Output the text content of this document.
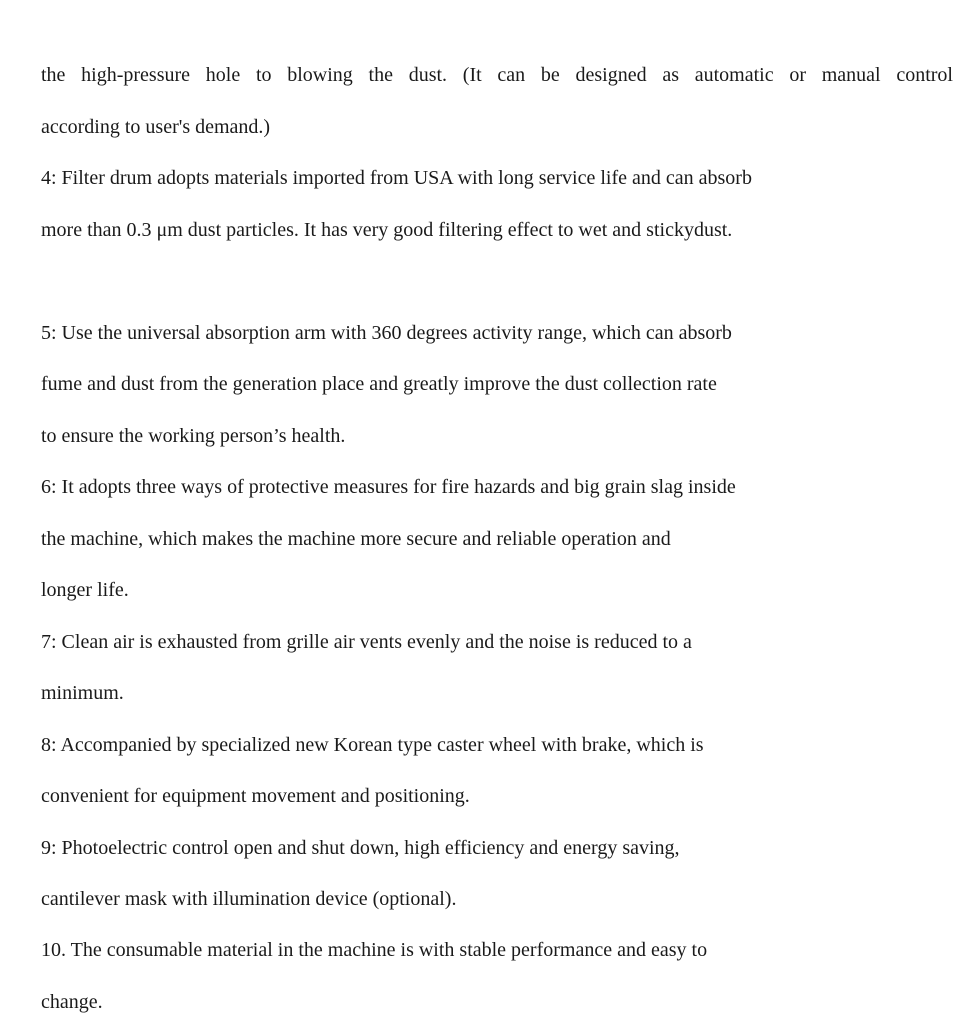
the high-pressure hole to blowing the dust. (It can be designed as automatic or manual control

according to user's demand.)

4: Filter drum adopts materials imported from USA with long service life and can absorb

more than 0.3 μm dust particles. It has very good filtering effect to wet and stickydust.

5: Use the universal absorption arm with 360 degrees activity range, which can absorb

fume and dust from the generation place and greatly improve the dust collection rate

to ensure the working person’s health.

6: It adopts three ways of protective measures for fire hazards and big grain slag inside

the machine, which makes the machine more secure and reliable operation and

longer life.

7: Clean air is exhausted from grille air vents evenly and the noise is reduced to a

minimum.

8: Accompanied by specialized new Korean type caster wheel with brake, which is

convenient for equipment movement and positioning.

9: Photoelectric control open and shut down, high efficiency and energy saving,

cantilever mask with illumination device (optional).

10. The consumable material in the machine is with stable performance and easy to

change.
